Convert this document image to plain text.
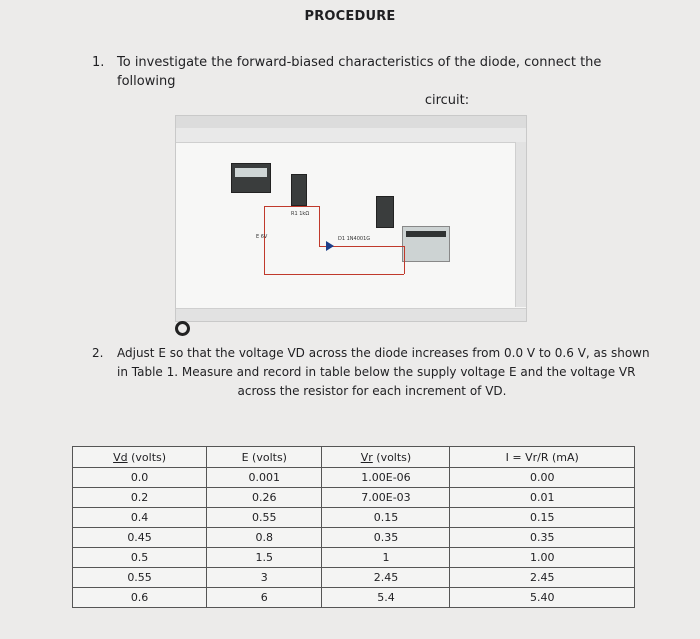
PROCEDURE
1. To investigate the forward-biased characteristics of the diode, connect the following
circuit:
E 6V
R1 1kΩ
D1 1N4001G
2. Adjust E so that the voltage VD across the diode increases from 0.0 V to 0.6 V, as shown
in Table 1. Measure and record in table below the supply voltage E and the voltage VR
across the resistor for each increment of VD.
Vd (volts)	E (volts)	Vr (volts)	I = Vr/R (mA)
0.0	0.001	1.00E-06	0.00
0.2	0.26	7.00E-03	0.01
0.4	0.55	0.15	0.15
0.45	0.8	0.35	0.35
0.5	1.5	1	1.00
0.55	3	2.45	2.45
0.6	6	5.4	5.40
